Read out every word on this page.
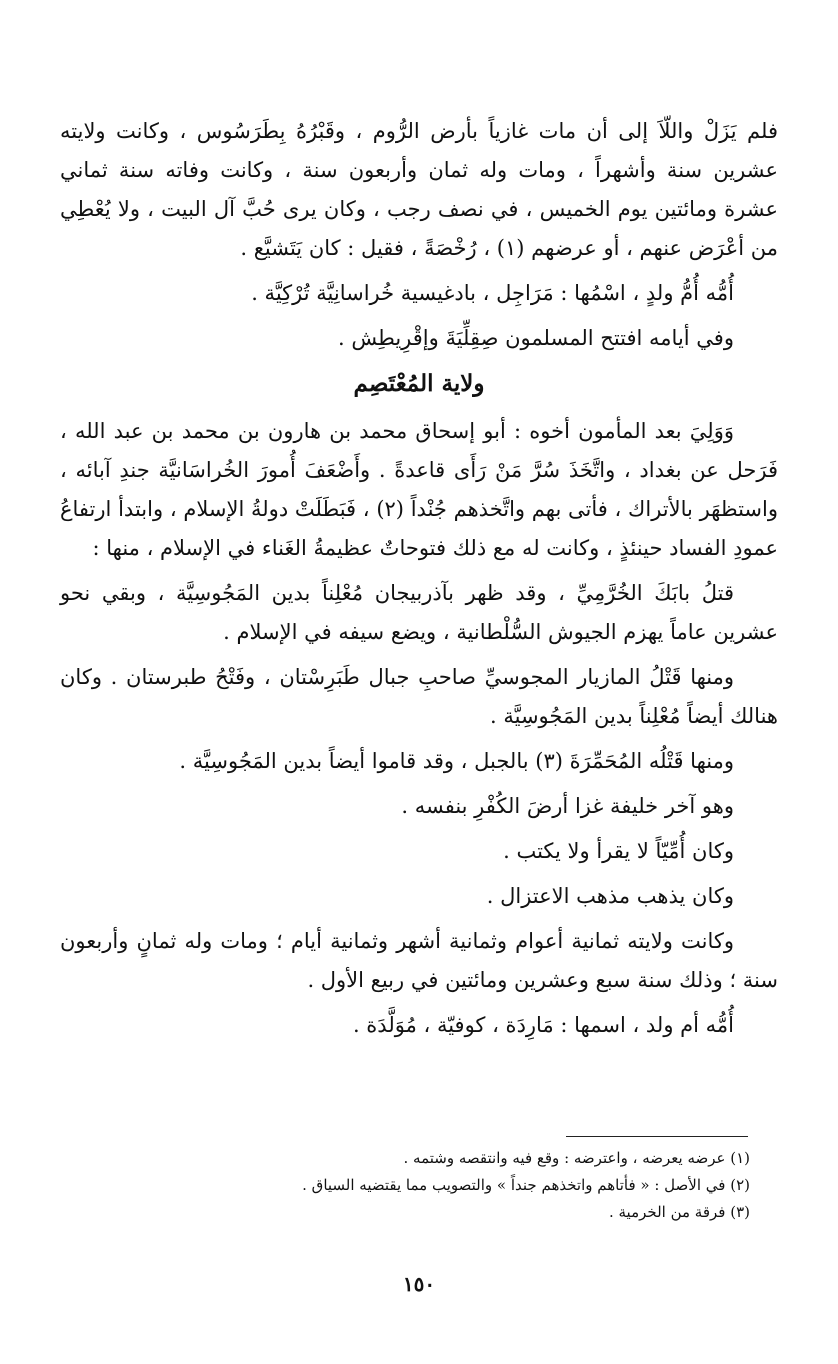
فلم يَزَلْ واللّاَ إلى أن مات غازياً بأرض الرُّوم ، وقَبْرُهُ بِطَرَسُوس ، وكانت ولايته عشرين سنة وأشهراً ، ومات وله ثمان وأربعون سنة ، وكانت وفاته سنة ثماني عشرة ومائتين يوم الخميس ، في نصف رجب ، وكان يرى حُبَّ آل البيت ، ولا يُعْطِي من أعْرَض عنهم ، أو عرضهم (١) ، رُخْصَةً ، فقيل : كان يَتَشيَّع .

أُمُّه أُمُّ ولدٍ ، اسْمُها : مَرَاجِل ، بادغيسية خُراسانِيَّة تُرْكِيَّة .

وفي أيامه افتتح المسلمون صِقِلِّيَةَ وإقْرِيطِش .

ولاية المُعْتَصِم

وَوَلِيَ بعد المأمون أخوه : أبو إسحاق محمد بن هارون بن محمد بن عبد الله ، فَرَحل عن بغداد ، واتَّخَذَ سُرَّ مَنْ رَأَى قاعدةً . وأَضْعَفَ أُمورَ الخُراسَانيَّة جندِ آبائه ، واستظهَر بالأتراك ، فأتى بهم واتَّخذهم جُنْداً (٢) ، فَبَطَلَتْ دولةُ الإسلام ، وابتدأ ارتفاعُ عمودِ الفساد حينئذٍ ، وكانت له مع ذلك فتوحاتٌ عظيمةُ الغَناء في الإسلام ، منها :

قتلُ بابَكَ الخُرَّمِيِّ ، وقد ظهر بآذربيجان مُعْلِناً بدين المَجُوسِيَّة ، وبقي نحو عشرين عاماً يهزم الجيوش السُّلْطانية ، ويضع سيفه في الإسلام .

ومنها قَتْلُ المازيار المجوسيِّ صاحبِ جبال طَبَرِسْتان ، وفَتْحُ طبرستان . وكان هنالك أيضاً مُعْلِناً بدين المَجُوسِيَّة .

ومنها قَتْلُه المُحَمِّرَةَ (٣) بالجبل ، وقد قاموا أيضاً بدين المَجُوسِيَّة .

وهو آخر خليفة غزا أرضَ الكُفْرِ بنفسه .

وكان أُمِّيّاً لا يقرأ ولا يكتب .

وكان يذهب مذهب الاعتزال .

وكانت ولايته ثمانية أعوام وثمانية أشهر وثمانية أيام ؛ ومات وله ثمانٍ وأربعون سنة ؛ وذلك سنة سبع وعشرين ومائتين في ربيع الأول .

أُمُّه أم ولد ، اسمها : مَارِدَة ، كوفيّة ، مُوَلَّدَة .

(١) عرضه يعرضه ، واعترضه : وقع فيه وانتقصه وشتمه .
(٢) في الأصل : « فأتاهم واتخذهم جنداً » والتصويب مما يقتضيه السياق .
(٣) فرقة من الخرمية .
١٥٠
